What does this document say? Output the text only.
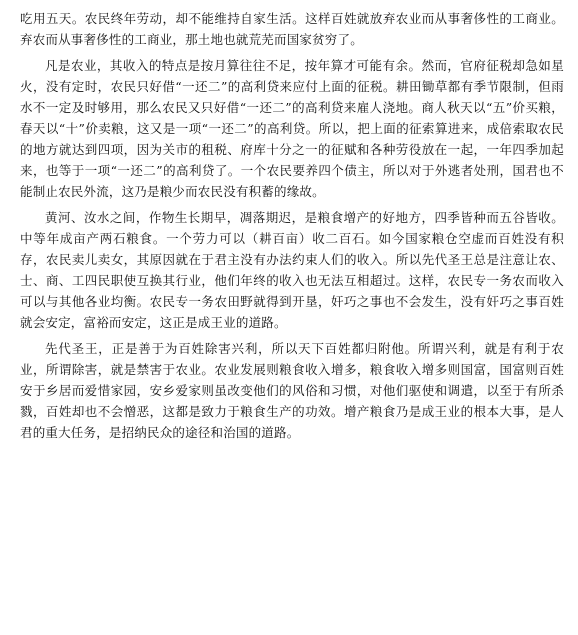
吃用五天。农民终年劳动，却不能维持自家生活。这样百姓就放弃农业而从事奢侈性的工商业。弃农而从事奢侈性的工商业，那土地也就荒芜而国家贫穷了。

凡是农业，其收入的特点是按月算往往不足，按年算才可能有余。然而，官府征税却急如星火，没有定时，农民只好借“一还二”的高利贷来应付上面的征税。耕田锄草都有季节限制，但雨水不一定及时够用，那么农民又只好借“一还二”的高利贷来雇人浇地。商人秋天以“五”价买粮，春天以“十”价卖粮，这又是一项“一还二”的高利贷。所以，把上面的征索算进来，成倍索取农民的地方就达到四项，因为关市的租税、府库十分之一的征赋和各种劳役放在一起，一年四季加起来，也等于一项“一还二”的高利贷了。一个农民要养四个债主，所以对于外逃者处刑，国君也不能制止农民外流，这乃是粮少而农民没有积蓄的缘故。

黄河、汝水之间，作物生长期早，凋落期迟，是粮食增产的好地方，四季皆种而五谷皆收。中等年成亩产两石粮食。一个劳力可以（耕百亩）收二百石。如今国家粮仓空虚而百姓没有积存，农民卖儿卖女，其原因就在于君主没有办法约束人们的收入。所以先代圣王总是注意让农、士、商、工四民职使互换其行业，他们年终的收入也无法互相超过。这样，农民专一务农而收入可以与其他各业均衡。农民专一务农田野就得到开垦，奸巧之事也不会发生，没有奸巧之事百姓就会安定，富裕而安定，这正是成王业的道路。

先代圣王，正是善于为百姓除害兴利，所以天下百姓都归附他。所谓兴利，就是有利于农业，所谓除害，就是禁害于农业。农业发展则粮食收入增多，粮食收入增多则国富，国富则百姓安于乡居而爱惜家园，安乡爱家则虽改变他们的风俗和习惯，对他们驱使和调遣，以至于有所杀戮，百姓却也不会憎恶，这都是致力于粮食生产的功效。增产粮食乃是成王业的根本大事，是人君的重大任务，是招纳民众的途径和治国的道路。
